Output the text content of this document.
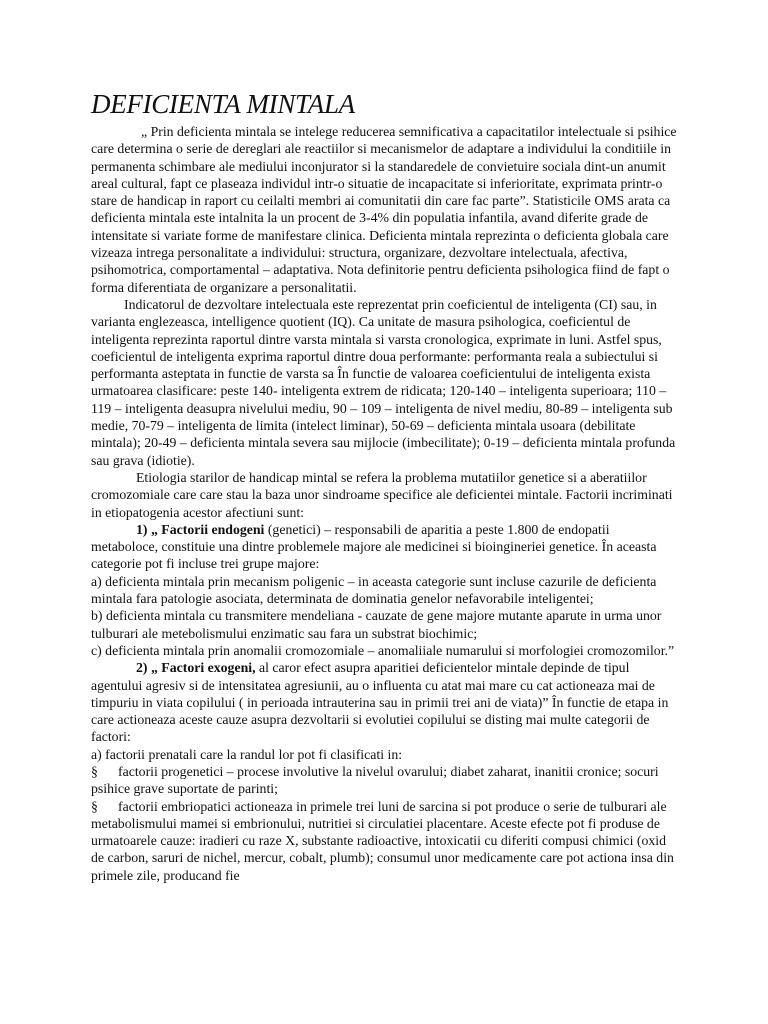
DEFICIENTA MINTALA

„ Prin deficienta mintala se intelege reducerea semnificativa a capacitatilor intelectuale si psihice care determina o serie de dereglari ale reactiilor si mecanismelor de adaptare a individului la conditiile in permanenta schimbare ale mediului inconjurator si la standaredele de convietuire sociala dint-un anumit areal cultural, fapt ce plaseaza individul intr-o situatie de incapacitate si inferioritate, exprimata printr-o stare de handicap in raport cu ceilalti membri ai comunitatii din care fac parte”. Statisticile OMS arata ca deficienta mintala este intalnita la un procent de 3-4% din populatia infantila, avand diferite grade de intensitate si variate forme de manifestare clinica. Deficienta mintala reprezinta o deficienta globala care vizeaza intrega personalitate a individului: structura, organizare, dezvoltare intelectuala, afectiva, psihomotrica, comportamental – adaptativa. Nota definitorie pentru deficienta psihologica fiind de fapt o forma diferentiata de organizare a personalitatii.

Indicatorul de dezvoltare intelectuala este reprezentat prin coeficientul de inteligenta (CI) sau, in varianta englezeasca, intelligence quotient (IQ). Ca unitate de masura psihologica, coeficientul de inteligenta reprezinta raportul dintre varsta mintala si varsta cronologica, exprimate in luni. Astfel spus, coeficientul de inteligenta exprima raportul dintre doua performante: performanta reala a subiectului si performanta asteptata in functie de varsta sa În functie de valoarea coeficientului de inteligenta exista urmatoarea clasificare: peste 140- inteligenta extrem de ridicata; 120-140 – inteligenta superioara; 110 – 119 – inteligenta deasupra nivelului mediu, 90 – 109 – inteligenta de nivel mediu, 80-89 – inteligenta sub medie, 70-79 – inteligenta de limita (intelect liminar), 50-69 – deficienta mintala usoara (debilitate mintala); 20-49 – deficienta mintala severa sau mijlocie (imbecilitate); 0-19 – deficienta mintala profunda sau grava (idiotie).

Etiologia starilor de handicap mintal se refera la problema mutatiilor genetice si a aberatiilor cromozomiale care care stau la baza unor sindroame specifice ale deficientei mintale. Factorii incriminati in etiopatogenia acestor afectiuni sunt:

1) „ Factorii endogeni (genetici) – responsabili de aparitia a peste 1.800 de endopatii metaboloce, constituie una dintre problemele majore ale medicinei si bioingineriei genetice. În aceasta categorie pot fi incluse trei grupe majore:

a) deficienta mintala prin mecanism poligenic – in aceasta categorie sunt incluse cazurile de deficienta mintala fara patologie asociata, determinata de dominatia genelor nefavorabile inteligentei;

b) deficienta mintala cu transmitere mendeliana - cauzate de gene majore mutante aparute in urma unor tulburari ale metebolismului enzimatic sau fara un substrat biochimic;

c) deficienta mintala prin anomalii cromozomiale – anomaliiale numarului si morfologiei cromozomilor.”

2) „ Factori exogeni, al caror efect asupra aparitiei deficientelor mintale depinde de tipul agentului agresiv si de intensitatea agresiunii, au o influenta cu atat mai mare cu cat actioneaza mai de timpuriu in viata copilului ( in perioada intrauterina sau in primii trei ani de viata)” În functie de etapa in care actioneaza aceste cauze asupra dezvoltarii si evolutiei copilului se disting mai multe categorii de factori:

a) factorii prenatali care la randul lor pot fi clasificati in:

§ factorii progenetici – procese involutive la nivelul ovarului; diabet zaharat, inanitii cronice; socuri psihice grave suportate de parinti;

§ factorii embriopatici actioneaza in primele trei luni de sarcina si pot produce o serie de tulburari ale metabolismului mamei si embrionului, nutritiei si circulatiei placentare. Aceste efecte pot fi produse de urmatoarele cauze: iradieri cu raze X, substante radioactive, intoxicatii cu diferiti compusi chimici (oxid de carbon, saruri de nichel, mercur, cobalt, plumb); consumul unor medicamente care pot actiona insa din primele zile, producand fie
